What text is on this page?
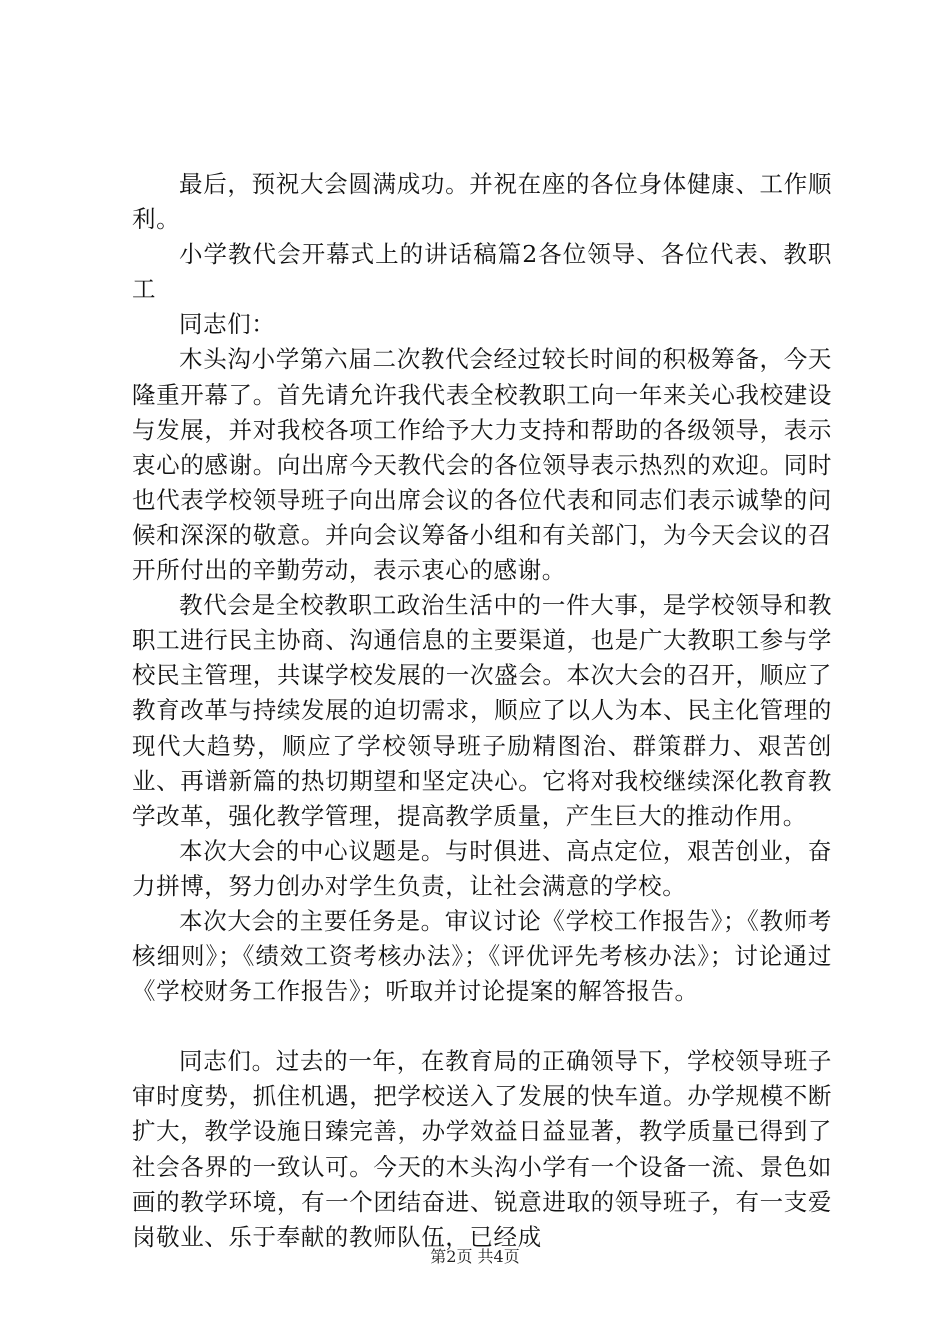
最后，预祝大会圆满成功。并祝在座的各位身体健康、工作顺利。

小学教代会开幕式上的讲话稿篇2各位领导、各位代表、教职工

同志们：

木头沟小学第六届二次教代会经过较长时间的积极筹备，今天隆重开幕了。首先请允许我代表全校教职工向一年来关心我校建设与发展，并对我校各项工作给予大力支持和帮助的各级领导，表示衷心的感谢。向出席今天教代会的各位领导表示热烈的欢迎。同时也代表学校领导班子向出席会议的各位代表和同志们表示诚挚的问候和深深的敬意。并向会议筹备小组和有关部门，为今天会议的召开所付出的辛勤劳动，表示衷心的感谢。

教代会是全校教职工政治生活中的一件大事，是学校领导和教职工进行民主协商、沟通信息的主要渠道，也是广大教职工参与学校民主管理，共谋学校发展的一次盛会。本次大会的召开，顺应了教育改革与持续发展的迫切需求，顺应了以人为本、民主化管理的现代大趋势，顺应了学校领导班子励精图治、群策群力、艰苦创业、再谱新篇的热切期望和坚定决心。它将对我校继续深化教育教学改革，强化教学管理，提高教学质量，产生巨大的推动作用。

本次大会的中心议题是。与时俱进、高点定位，艰苦创业，奋力拼博，努力创办对学生负责，让社会满意的学校。

本次大会的主要任务是。审议讨论《学校工作报告》；《教师考核细则》；《绩效工资考核办法》；《评优评先考核办法》；讨论通过《学校财务工作报告》；听取并讨论提案的解答报告。

同志们。过去的一年，在教育局的正确领导下，学校领导班子审时度势，抓住机遇，把学校送入了发展的快车道。办学规模不断扩大，教学设施日臻完善，办学效益日益显著，教学质量已得到了社会各界的一致认可。今天的木头沟小学有一个设备一流、景色如画的教学环境，有一个团结奋进、锐意进取的领导班子，有一支爱岗敬业、乐于奉献的教师队伍，已经成

第2页 共4页
